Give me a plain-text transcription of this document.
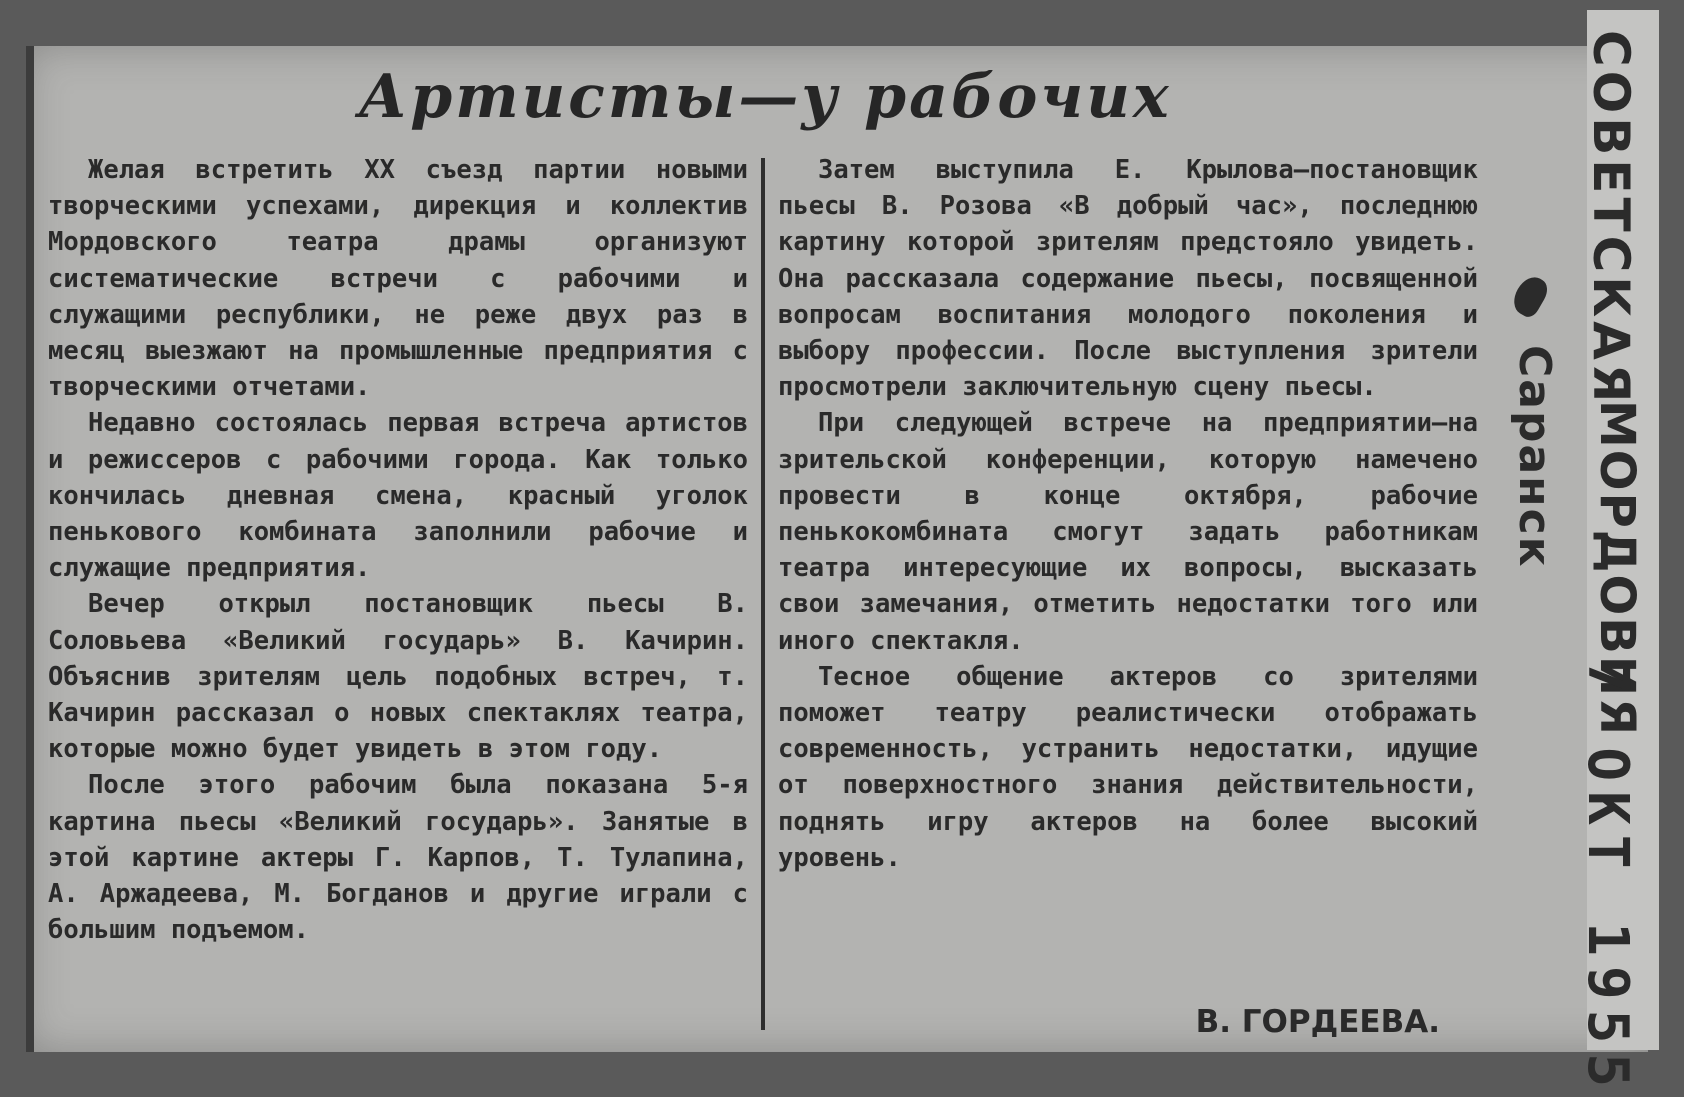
Артисты—у рабочих

Желая встретить XX съезд партии новыми творческими успехами, дирекция и коллектив Мордовского театра драмы организуют систематические встречи с рабочими и служащими республики, не реже двух раз в месяц выезжают на промышленные предприятия с творческими отчетами.

Недавно состоялась первая встреча артистов и режиссеров с рабочими города. Как только кончилась дневная смена, красный уголок пенькового комбината заполнили рабочие и служащие предприятия.

Вечер открыл постановщик пьесы В. Соловьева «Великий государь» В. Качирин. Объяснив зрителям цель подобных встреч, т. Качирин рассказал о новых спектаклях театра, которые можно будет увидеть в этом году.

После этого рабочим была показана 5-я картина пьесы «Великий государь». Занятые в этой картине актеры Г. Карпов, Т. Тулапина, А. Аржадеева, М. Богданов и другие играли с большим подъемом.

Затем выступила Е. Крылова—постановщик пьесы В. Розова «В добрый час», последнюю картину которой зрителям предстояло увидеть. Она рассказала содержание пьесы, посвященной вопросам воспитания молодого поколения и выбору профессии. После выступления зрители просмотрели заключительную сцену пьесы.

При следующей встрече на предприятии—на зрительской конференции, которую намечено провести в конце октября, рабочие пенькокомбината смогут задать работникам театра интересующие их вопросы, высказать свои замечания, отметить недостатки того или иного спектакля.

Тесное общение актеров со зрителями поможет театру реалистически отображать современность, устранить недостатки, идущие от поверхностного знания действительности, поднять игру актеров на более высокий уровень.

В. ГОРДЕЕВА.
СОВЕТСКАЯ
МОРДОВИЯ
Саранск
7 ОКТ 1955
